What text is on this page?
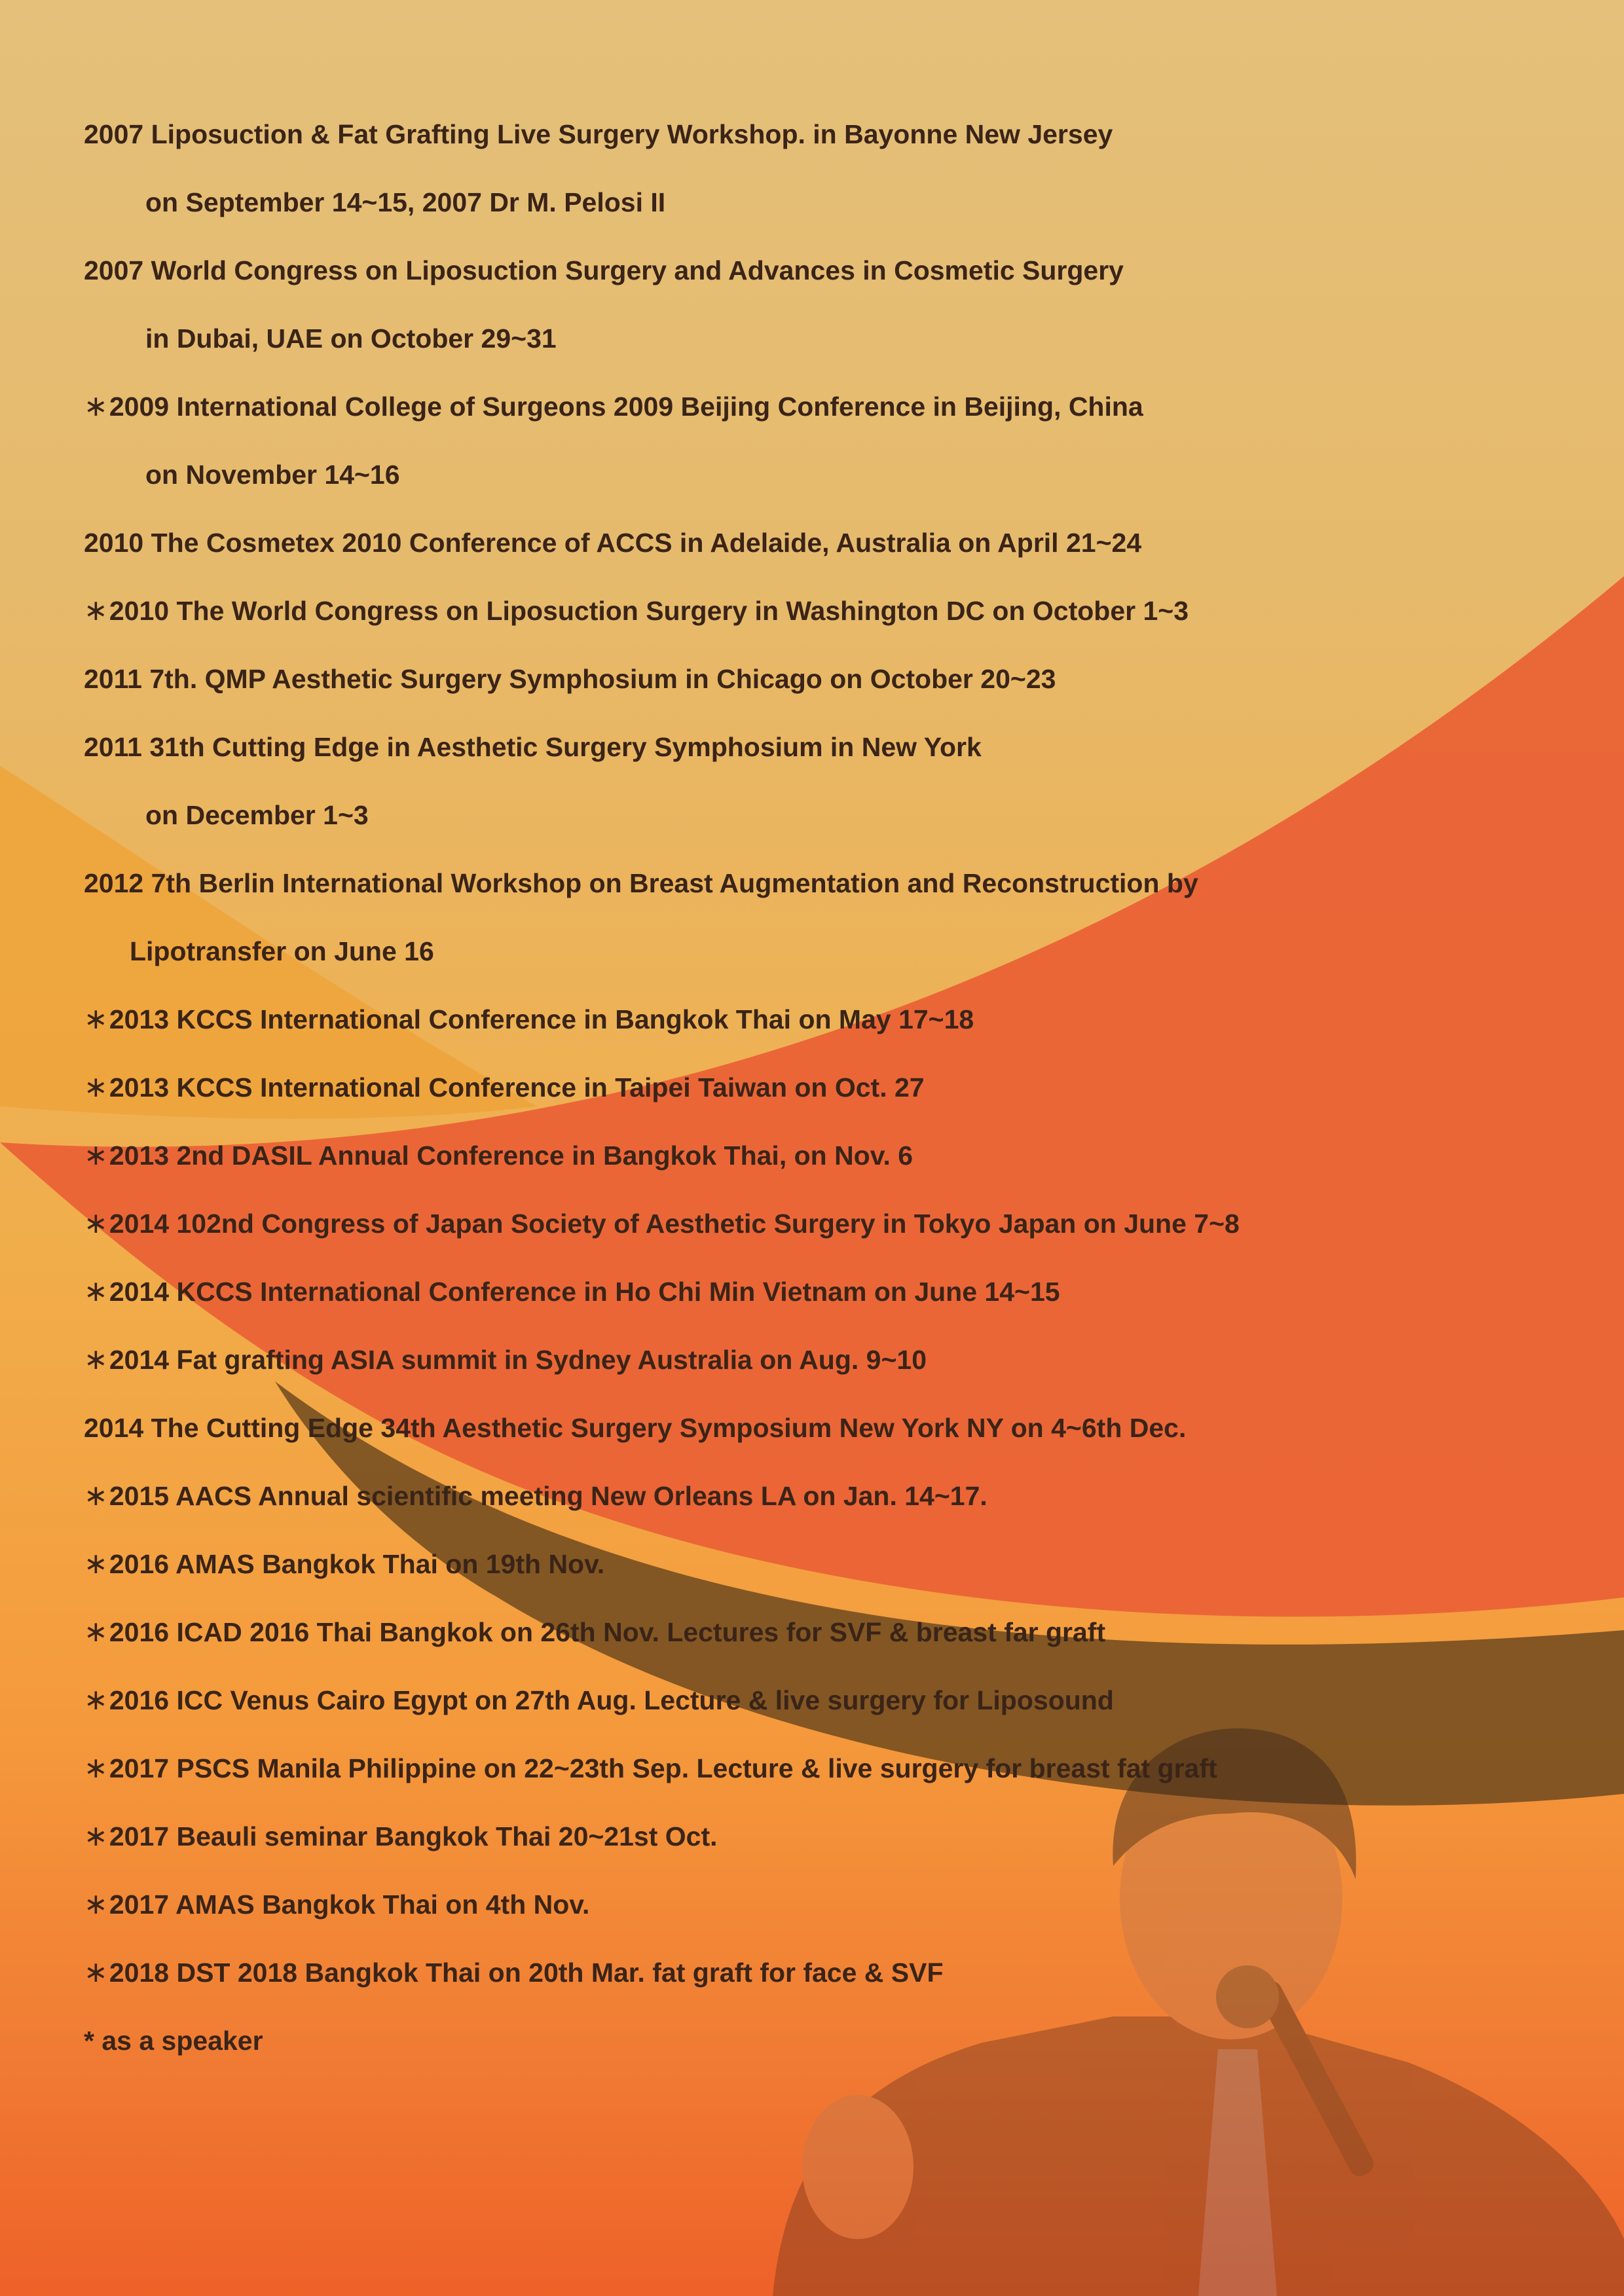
2007 Liposuction & Fat Grafting Live Surgery Workshop. in Bayonne New Jersey
on September 14~15, 2007 Dr M. Pelosi II
2007 World Congress on Liposuction Surgery and Advances in Cosmetic Surgery
in Dubai, UAE on October 29~31
∗2009 International College of Surgeons 2009 Beijing Conference in Beijing, China
on November 14~16
2010 The Cosmetex 2010 Conference of ACCS in Adelaide, Australia on April 21~24
∗2010 The World Congress on Liposuction Surgery in Washington DC on October 1~3
2011 7th. QMP Aesthetic Surgery Symphosium in Chicago on October 20~23
2011 31th Cutting Edge in Aesthetic Surgery Symphosium in New York
on December 1~3
2012 7th Berlin International Workshop on Breast Augmentation and Reconstruction by
Lipotransfer on June 16
∗2013 KCCS International Conference in Bangkok Thai on May 17~18
∗2013 KCCS International Conference in Taipei Taiwan on Oct. 27
∗2013 2nd DASIL Annual Conference in Bangkok Thai, on Nov. 6
∗2014 102nd Congress of Japan Society of Aesthetic Surgery in Tokyo Japan on June 7~8
∗2014 KCCS International Conference in Ho Chi Min Vietnam on June 14~15
∗2014 Fat grafting ASIA summit in Sydney Australia on Aug. 9~10
2014 The Cutting Edge 34th Aesthetic Surgery Symposium New York NY on 4~6th Dec.
∗2015 AACS Annual scientific meeting New Orleans LA on Jan. 14~17.
∗2016 AMAS Bangkok Thai on 19th Nov.
∗2016 ICAD 2016 Thai Bangkok on 26th Nov. Lectures for SVF & breast far graft
∗2016 ICC Venus Cairo Egypt on 27th Aug. Lecture & live surgery for Liposound
∗2017 PSCS Manila Philippine on 22~23th Sep. Lecture & live surgery for breast fat graft
∗2017 Beauli seminar Bangkok Thai 20~21st Oct.
∗2017 AMAS Bangkok Thai on 4th Nov.
∗2018 DST 2018 Bangkok Thai on 20th Mar. fat graft for face & SVF
* as a speaker
